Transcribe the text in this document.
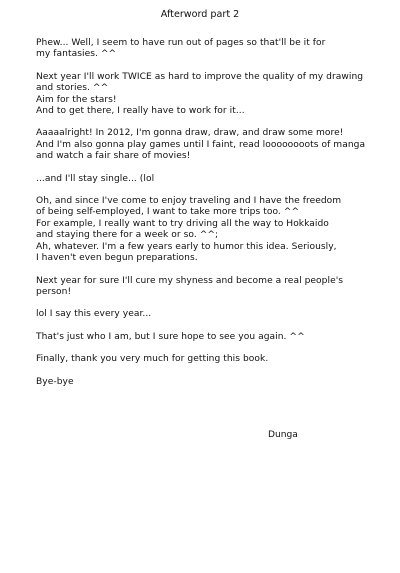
Afterword part 2
Phew... Well, I seem to have run out of pages so that'll be it for
my fantasies. ^^
Next year I'll work TWICE as hard to improve the quality of my drawing
and stories. ^^
Aim for the stars!
And to get there, I really have to work for it...
Aaaaalright! In 2012, I'm gonna draw, draw, and draw some more!
And I'm also gonna play games until I faint, read loooooooots of manga
and watch a fair share of movies!
...and I'll stay single... (lol
Oh, and since I've come to enjoy traveling and I have the freedom
of being self-employed, I want to take more trips too. ^^
For example, I really want to try driving all the way to Hokkaido
and staying there for a week or so. ^^;
Ah, whatever. I'm a few years early to humor this idea. Seriously,
I haven't even begun preparations.
Next year for sure I'll cure my shyness and become a real people's
person!
lol I say this every year...
That's just who I am, but I sure hope to see you again. ^^
Finally, thank you very much for getting this book.
Bye-bye
Dunga
